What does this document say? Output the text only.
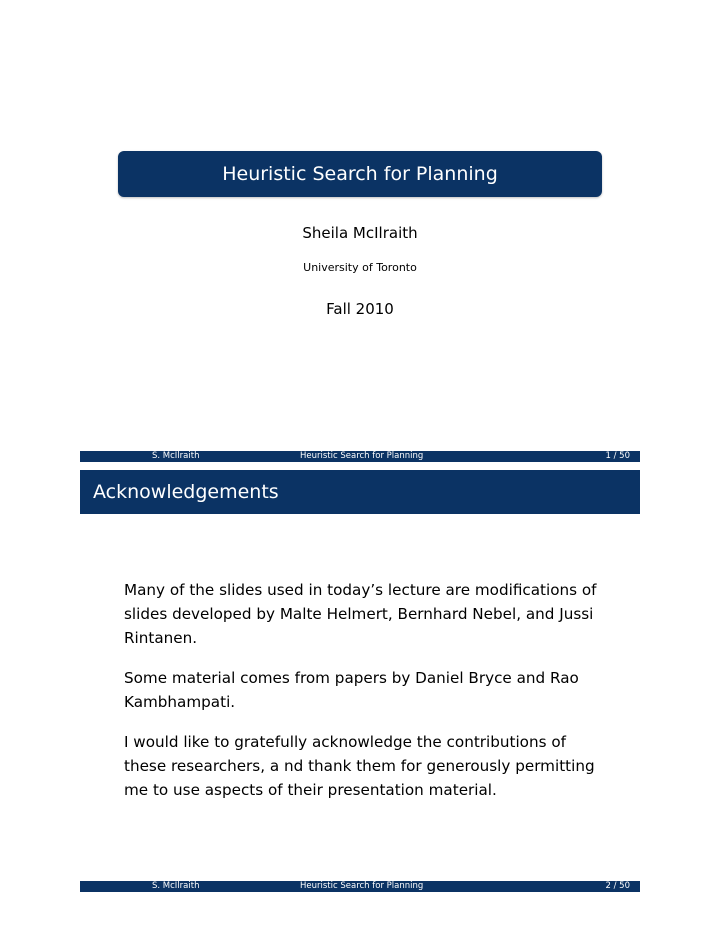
Heuristic Search for Planning
Sheila McIlraith
University of Toronto
Fall 2010
S. McIlraith	Heuristic Search for Planning	1 / 50
Acknowledgements

Many of the slides used in today’s lecture are modifications of slides developed by Malte Helmert, Bernhard Nebel, and Jussi Rintanen.

Some material comes from papers by Daniel Bryce and Rao Kambhampati.

I would like to gratefully acknowledge the contributions of these researchers, a nd thank them for generously permitting me to use aspects of their presentation material.

S. McIlraith	Heuristic Search for Planning	2 / 50
